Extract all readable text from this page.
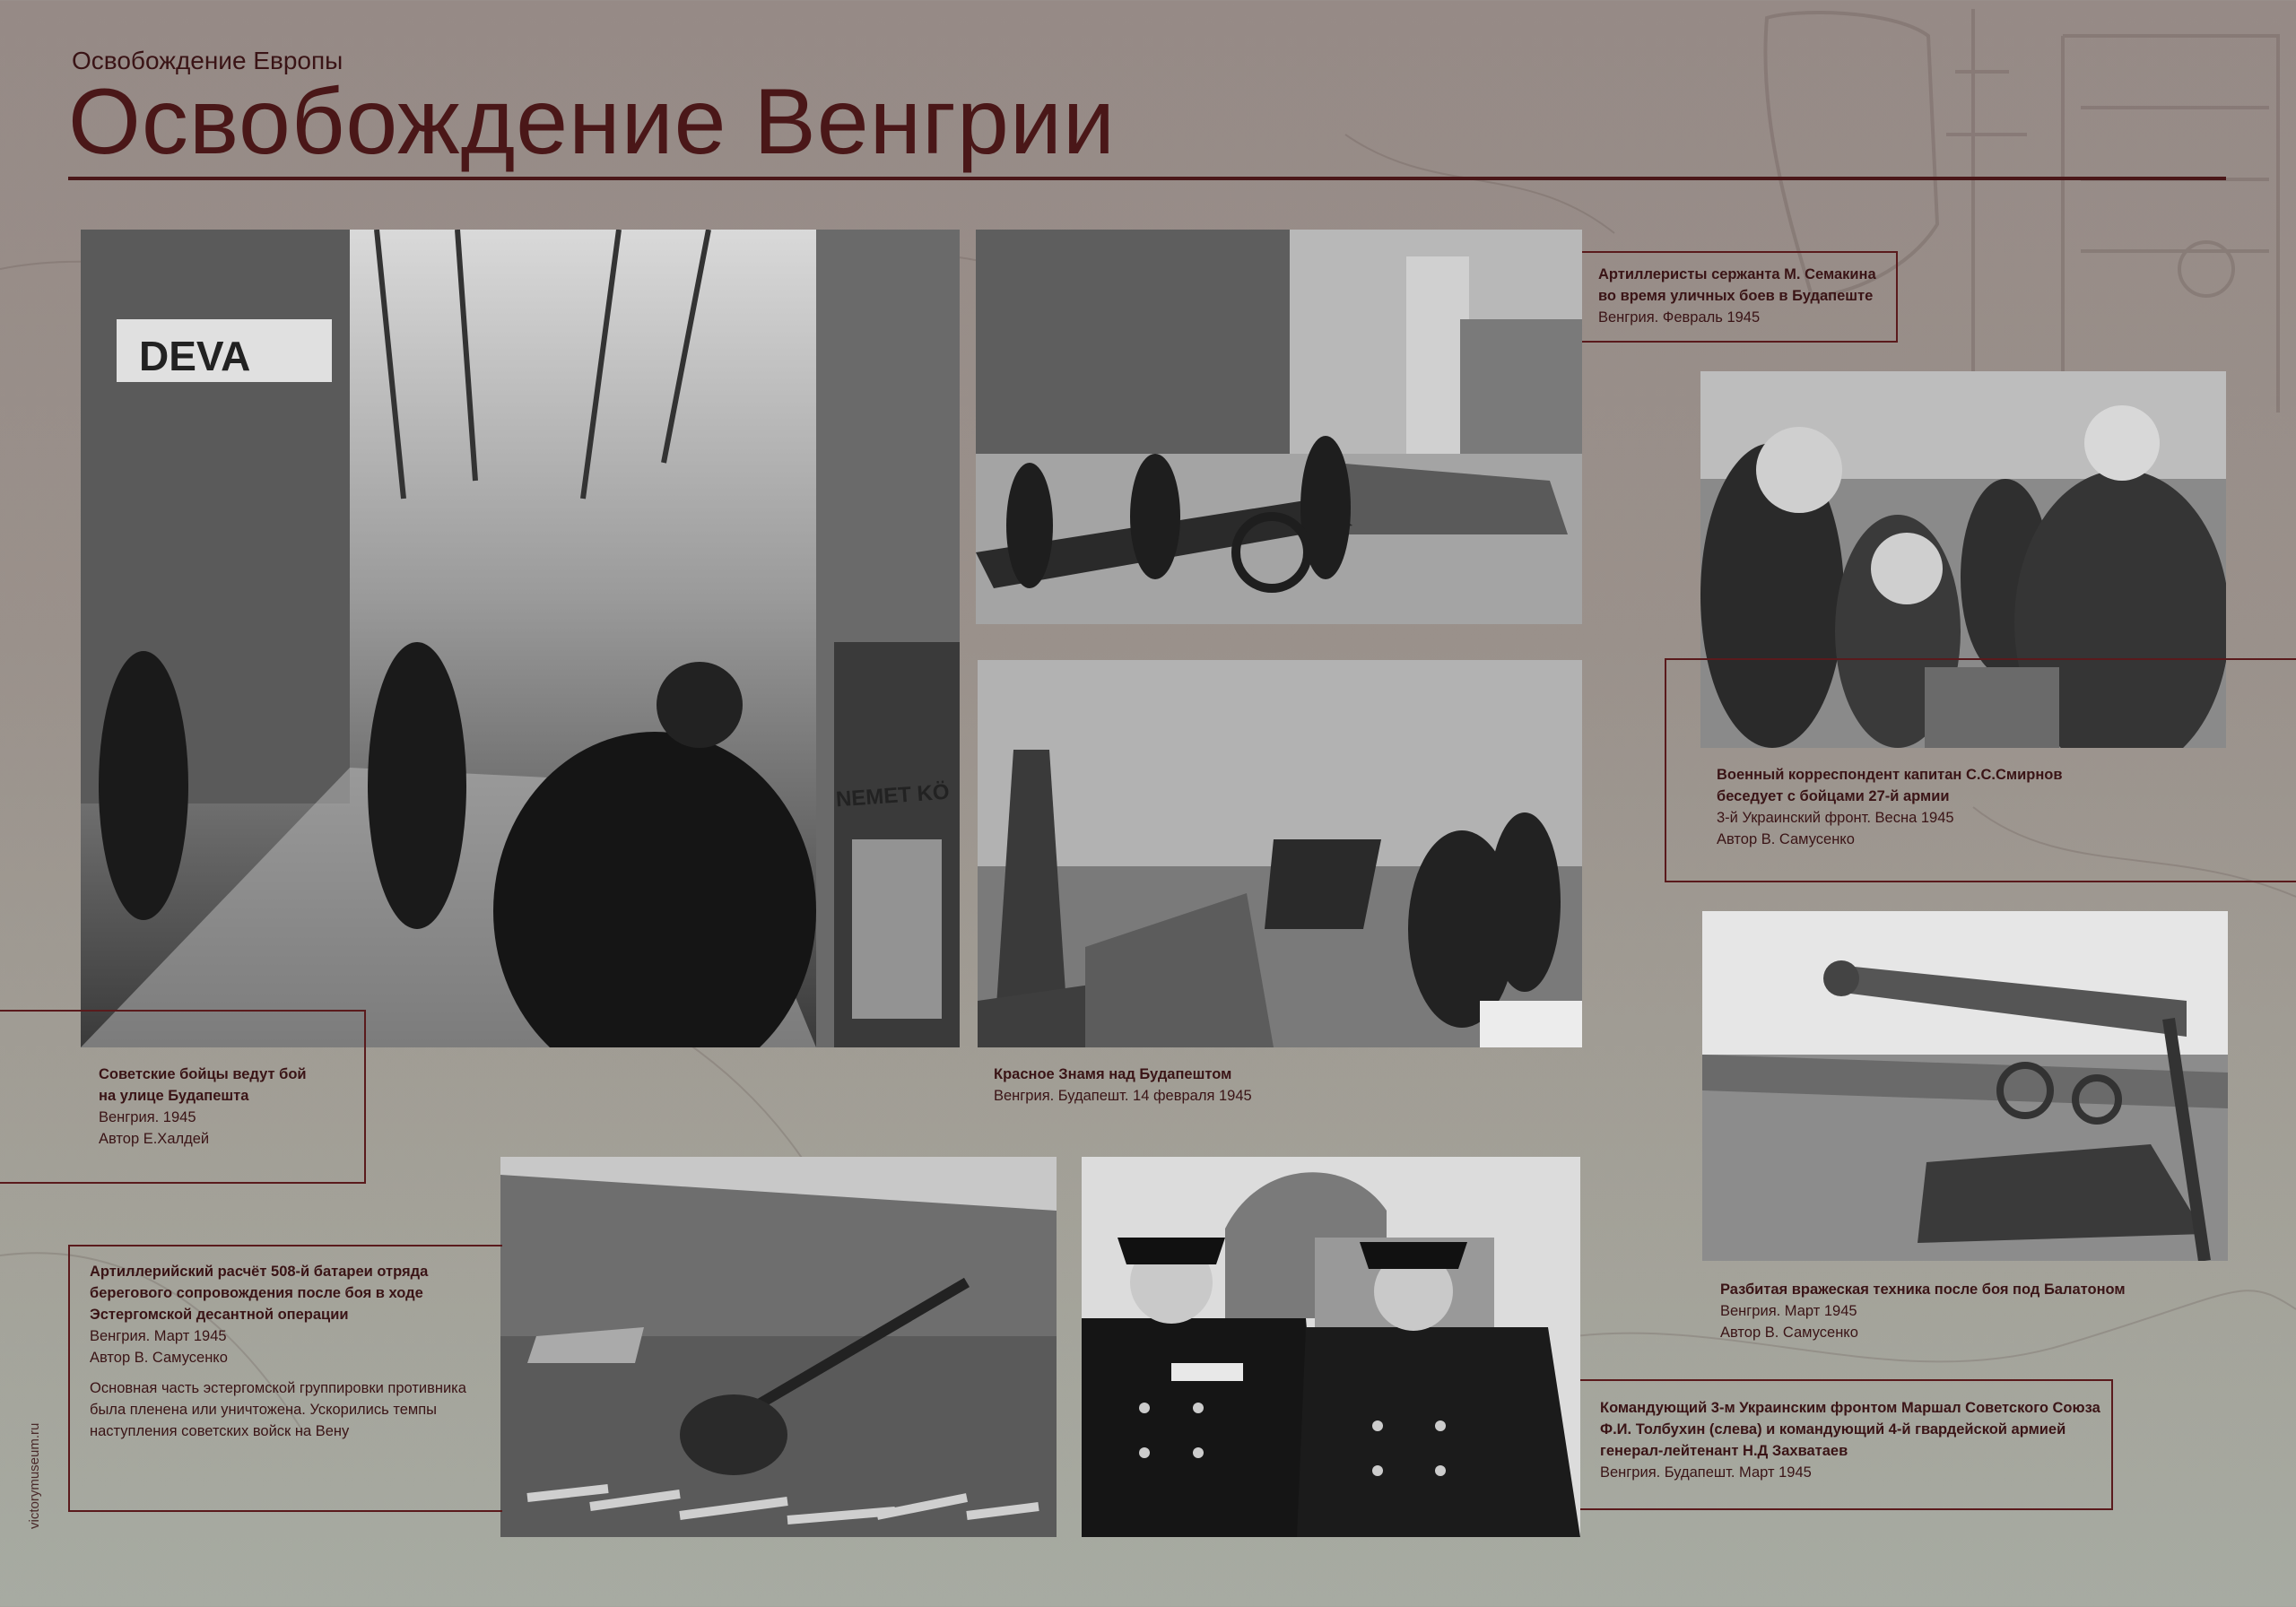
Освобождение Европы
Освобождение Венгрии
DEVA
NEMET KÖ
Советские бойцы ведут бой
на улице Будапешта
Венгрия. 1945
Автор Е.Халдей
Артиллеристы сержанта М. Семакина
во время уличных боев в Будапеште
Венгрия. Февраль 1945
Военный корреспондент капитан С.С.Смирнов
беседует с бойцами 27-й армии
3-й Украинский фронт. Весна 1945
Автор В. Самусенко
Красное Знамя над Будапештом
Венгрия. Будапешт. 14 февраля 1945
Артиллерийский расчёт 508-й батареи отряда
берегового сопровождения после боя в ходе
Эстергомской десантной операции
Венгрия. Март 1945
Автор В. Самусенко
Основная часть эстергомской группировки противника
была пленена или уничтожена. Ускорились темпы
наступления советских войск на Вену
Разбитая вражеская техника после боя под Балатоном
Венгрия. Март 1945
Автор В. Самусенко
Командующий 3-м Украинским фронтом Маршал Советского Союза
Ф.И. Толбухин (слева) и командующий 4-й гвардейской армией
генерал-лейтенант Н.Д Захватаев
Венгрия. Будапешт. Март 1945
victorymuseum.ru
